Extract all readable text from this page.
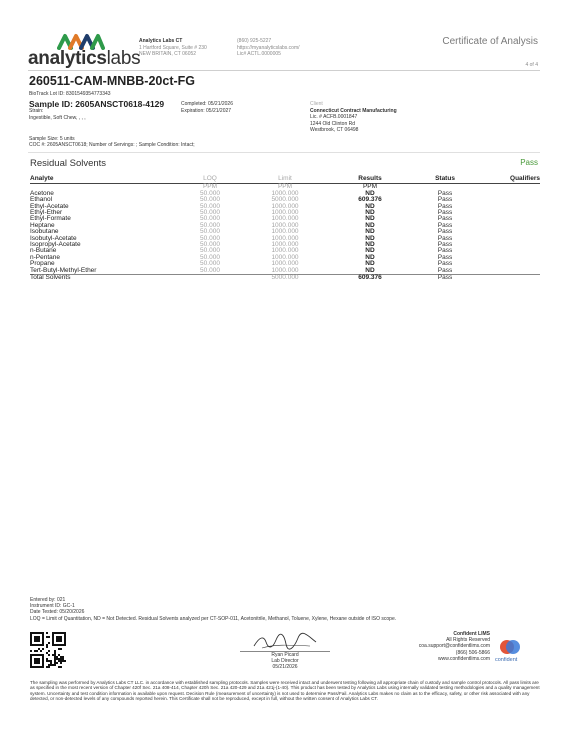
analyticslabs
Analytics Labs CT
1 Hartford Square, Suite # 230
NEW BRITAIN, CT 06052
(860) 925-5227
https://myanalyticslabs.com/
Lic# ACTL.0000005
Certificate of Analysis
4 of 4
260511-CAM-MNBB-20ct-FG
BioTrack Lot ID: 8301549354773343
Sample ID: 2605ANSCT0618-4129
Strain:
Ingestible, Soft Chew, , , ,
Completed: 05/21/2026
Expiration: 05/21/2027
Client
Connecticut Contract Manufacturing
Lic. # ACFB.0001847
1244 Old Clinton Rd
Westbrook, CT 06498
Sample Size: 5 units
COC #: 2605ANSCT0618; Number of Servings: ; Sample Condition: Intact;
Residual Solvents	Pass
Analyte	LOQ	Limit	Results	Status	Qualifiers
	PPM	PPM	PPM		
Acetone	50.000	1000.000	ND	Pass	
Ethanol	50.000	5000.000	609.376	Pass	
Ethyl-Acetate	50.000	1000.000	ND	Pass	
Ethyl-Ether	50.000	1000.000	ND	Pass	
Ethyl-Formate	50.000	1000.000	ND	Pass	
Heptane	50.000	1000.000	ND	Pass	
Isobutane	50.000	1000.000	ND	Pass	
Isobutyl-Acetate	50.000	1000.000	ND	Pass	
Isopropyl-Acetate	50.000	1000.000	ND	Pass	
n-Butane	50.000	1000.000	ND	Pass	
n-Pentane	50.000	1000.000	ND	Pass	
Propane	50.000	1000.000	ND	Pass	
Tert-Butyl-Methyl-Ether	50.000	1000.000	ND	Pass	
Total Solvents		5000.000	609.376	Pass	
Entered by: 021
Instrument ID: GC-1
Date Tested: 05/20/2026
LOQ = Limit of Quantitation, ND = Not Detected. Residual Solvents analyzed per CT-SOP-011, Acetonitrile, Methanol, Toluene, Xylene, Hexane outside of ISO scope.
Ryan Picard
Lab Director
05/21/2026
Confident LIMS
All Rights Reserved
coa.support@confidentlims.com
(866) 506-5866
www.confidentlims.com confident
The sampling was performed by Analytics Labs CT LLC. in accordance with established sampling protocols. Samples were received intact and underwent testing following all appropriate chain of custody and sample control protocols. All pass limits are as specified in the most recent version of Chapter 420f Sec. 21a 408-414, Chapter 420h Sec. 21a 420-429 and 21a 421j-(1-40). This product has been tested by Analytics Labs using internally validated testing methodologies and a quality management system. Uncertainty and test condition information is available upon request. Decision Rule (measurement of uncertainty) is not used to determine Pass/Fail. Analytics Labs makes no claim as to the efficacy, safety, or other risk associated with any detected, or non-detected levels of any compounds reported herein. This Certificate shall not be reproduced, except in full, without the written consent of Analytics Labs CT.
